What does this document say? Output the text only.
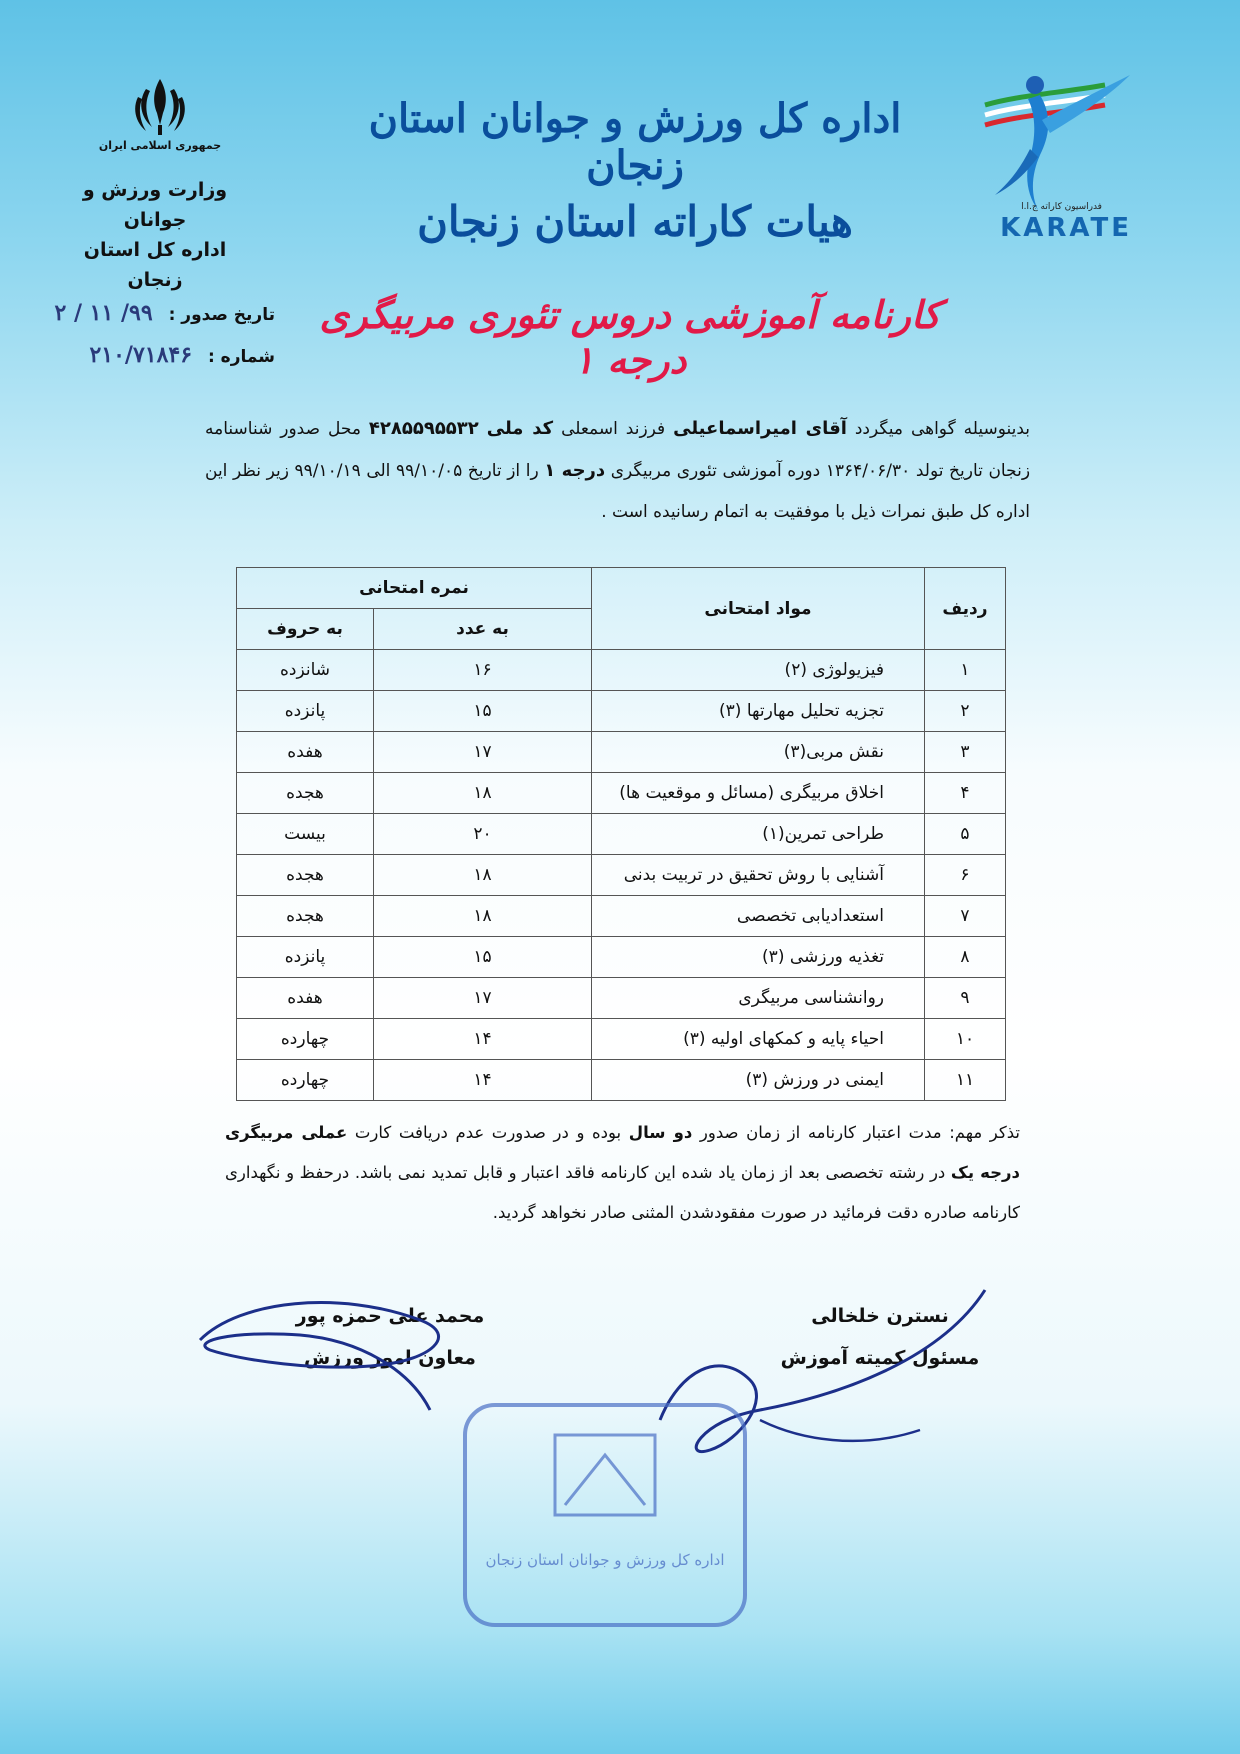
جمهوری اسلامی ایران
وزارت ورزش و جوانان
اداره کل استان زنجان
فدراسیون کاراته ج.ا.ا
KARATE
اداره کل ورزش و جوانان استان زنجان
هیات کاراته استان زنجان
کارنامه آموزشی دروس تئوری مربیگری درجه ۱
تاریخ صدور : ۹۹/ ۱۱ / ۲
شماره : ۲۱۰/۷۱۸۴۶
بدینوسیله گواهی میگردد آقای امیراسماعیلی فرزند اسمعلی کد ملی ۴۲۸۵۵۹۵۵۳۲ محل صدور شناسنامه زنجان تاریخ تولد ۱۳۶۴/۰۶/۳۰ دوره آموزشی تئوری مربیگری درجه ۱ را از تاریخ ۹۹/۱۰/۰۵ الی ۹۹/۱۰/۱۹ زیر نظر این اداره کل طبق نمرات ذیل با موفقیت به اتمام رسانیده است .
ردیف	مواد امتحانی	نمره امتحانی	
		به عدد	به حروف
۱	فیزیولوژی (۲)	۱۶	شانزده
۲	تجزیه تحلیل مهارتها (۳)	۱۵	پانزده
۳	نقش مربی(۳)	۱۷	هفده
۴	اخلاق مربیگری (مسائل و موقعیت ها)	۱۸	هجده
۵	طراحی تمرین(۱)	۲۰	بیست
۶	آشنایی با روش تحقیق در تربیت بدنی	۱۸	هجده
۷	استعدادیابی تخصصی	۱۸	هجده
۸	تغذیه ورزشی (۳)	۱۵	پانزده
۹	روانشناسی مربیگری	۱۷	هفده
۱۰	احیاء پایه و کمکهای اولیه (۳)	۱۴	چهارده
۱۱	ایمنی در ورزش (۳)	۱۴	چهارده
تذکر مهم: مدت اعتبار کارنامه از زمان صدور دو سال بوده و در صدورت عدم دریافت کارت عملی مربیگری درجه یک در رشته تخصصی بعد از زمان یاد شده این کارنامه فاقد اعتبار و قابل تمدید نمی باشد. درحفظ و نگهداری کارنامه صادره دقت فرمائید در صورت مفقودشدن المثنی صادر نخواهد گردید.
نسترن خلخالی
مسئول کمیته آموزش
محمد علی حمزه پور
معاون امور ورزش
اداره کل ورزش و جوانان استان زنجان
